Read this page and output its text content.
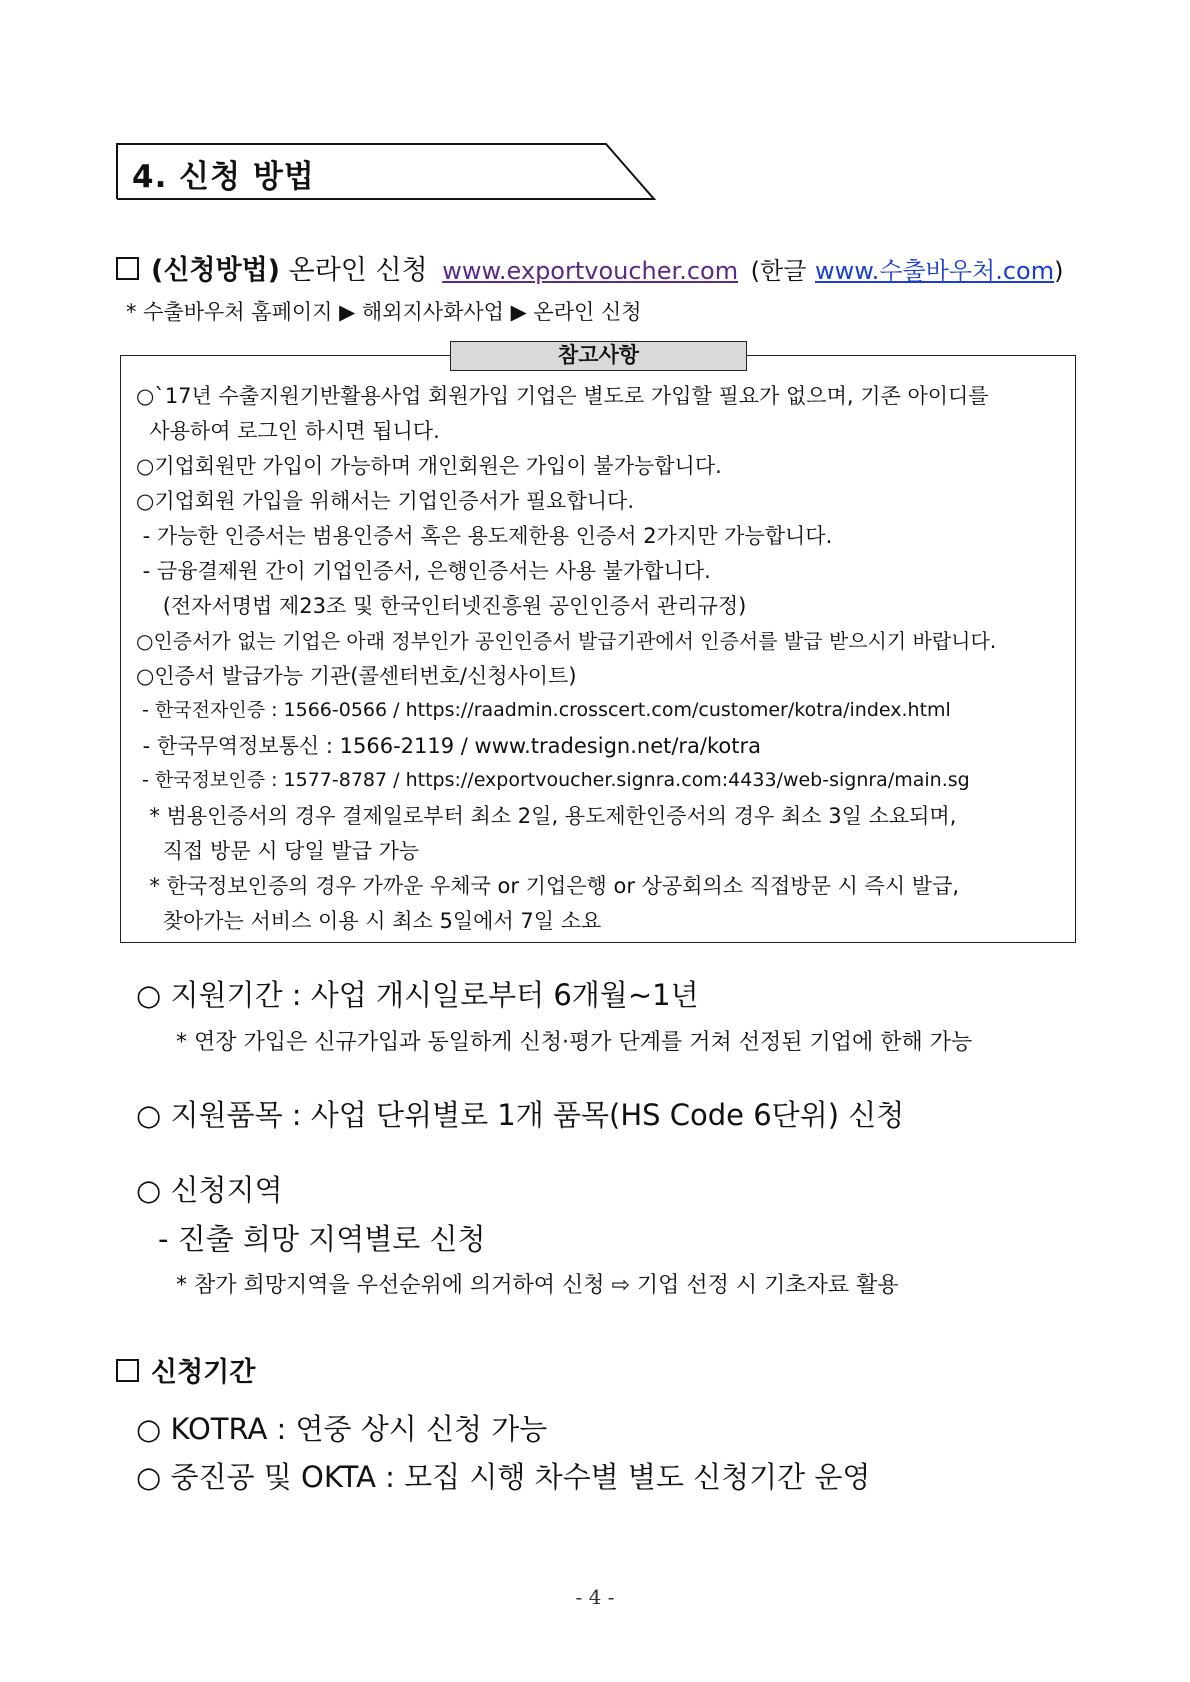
4. 신청 방법
(신청방법) 온라인 신청 www.exportvoucher.com (한글 www.수출바우처.com)
* 수출바우처 홈페이지 ▶ 해외지사화사업 ▶ 온라인 신청
참고사항
○`17년 수출지원기반활용사업 회원가입 기업은 별도로 가입할 필요가 없으며, 기존 아이디를
사용하여 로그인 하시면 됩니다.
○기업회원만 가입이 가능하며 개인회원은 가입이 불가능합니다.
○기업회원 가입을 위해서는 기업인증서가 필요합니다.
- 가능한 인증서는 범용인증서 혹은 용도제한용 인증서 2가지만 가능합니다.
- 금융결제원 간이 기업인증서, 은행인증서는 사용 불가합니다.
(전자서명법 제23조 및 한국인터넷진흥원 공인인증서 관리규정)
○인증서가 없는 기업은 아래 정부인가 공인인증서 발급기관에서 인증서를 발급 받으시기 바랍니다.
○인증서 발급가능 기관(콜센터번호/신청사이트)
- 한국전자인증 : 1566-0566 / https://raadmin.crosscert.com/customer/kotra/index.html
- 한국무역정보통신 : 1566-2119 / www.tradesign.net/ra/kotra
- 한국정보인증 : 1577-8787 / https://exportvoucher.signra.com:4433/web-signra/main.sg
* 범용인증서의 경우 결제일로부터 최소 2일, 용도제한인증서의 경우 최소 3일 소요되며,
직접 방문 시 당일 발급 가능
* 한국정보인증의 경우 가까운 우체국 or 기업은행 or 상공회의소 직접방문 시 즉시 발급,
찾아가는 서비스 이용 시 최소 5일에서 7일 소요
○ 지원기간 : 사업 개시일로부터 6개월~1년
* 연장 가입은 신규가입과 동일하게 신청·평가 단계를 거쳐 선정된 기업에 한해 가능
○ 지원품목 : 사업 단위별로 1개 품목(HS Code 6단위) 신청
○ 신청지역
- 진출 희망 지역별로 신청
* 참가 희망지역을 우선순위에 의거하여 신청 ⇨ 기업 선정 시 기초자료 활용
신청기간
○ KOTRA : 연중 상시 신청 가능
○ 중진공 및 OKTA : 모집 시행 차수별 별도 신청기간 운영
- 4 -
